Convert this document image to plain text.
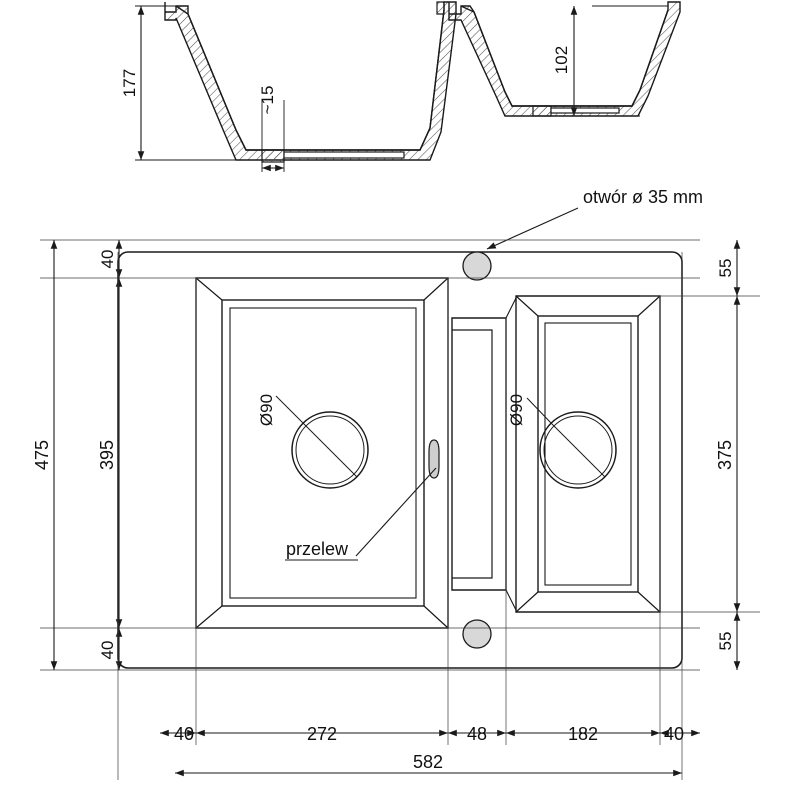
177
102
~15
otwór ø 35 mm
Ø90
przelew
Ø90
475
40
395
40
55
375
55
40	272	48	182	40
582
